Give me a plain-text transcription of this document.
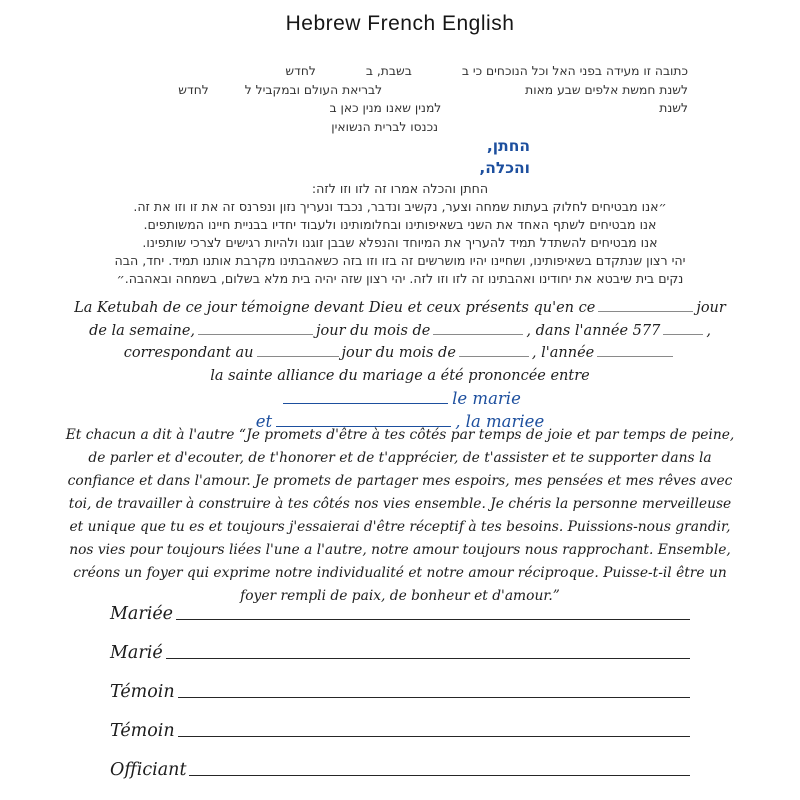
Hebrew French English
כתובה זו מעידה בפני האל וכל הנוכחים כי ב
בשבת, ב
לחדש
לשנת חמשת אלפים שבע מאות
לבריאת העולם ובמקביל ל
לחדש
לשנת
למנין שאנו מנין כאן ב
נכנסו לברית הנשואין
החתן,
והכלה,
החתן והכלה אמרו זה לזו וזו לזה:
״אנו מבטיחים לחלוק בעתות שמחה וצער, נקשיב ונדבר, נכבד ונעריך נזון ונפרנס זה את זו וזו את זה.
אנו מבטיחים לשתף האחד את השני בשאיפותינו ובחלומותינו ולעבוד יחדיו בבניית חיינו המשותפים.
אנו מבטיחים להשתדל תמיד להעריך את המיוחד והנפלא שבבן זוגנו ולהיות רגישים לצרכי שותפינו.
יהי רצון שנתקדם בשאיפותינו, ושחיינו יהיו מושרשים זה בזו וזו בזה כשאהבתינו מקרבת אותנו תמיד. יחד, הבה
נקים בית שיבטא את יחודינו ואהבתינו זה לזו וזו לזה. יהי רצון שזה יהיה בית מלא בשלום, בשמחה ובאהבה.״
La Ketubah de ce jour témoigne devant Dieu et ceux présents qu'en ce	jour
de la semaine,	jour du mois de	, dans l'année 577	,
correspondant au	jour du mois de	, l'année
la sainte alliance du mariage a été prononcée entre
le marie
et	, la mariee
Et chacun a dit à l'autre “Je promets d'être à tes côtés par temps de joie et par temps de peine,
de parler et d'ecouter, de t'honorer et de t'apprécier, de t'assister et te supporter dans la
confiance et dans l'amour. Je promets de partager mes espoirs, mes pensées et mes rêves avec
toi, de travailler à construire à tes côtés nos vies ensemble. Je chéris la personne merveilleuse
et unique que tu es et toujours j'essaierai d'être réceptif à tes besoins. Puissions-nous grandir,
nos vies pour toujours liées l'une a l'autre, notre amour toujours nous rapprochant. Ensemble,
créons un foyer qui exprime notre individualité et notre amour réciproque. Puisse-t-il être un
foyer rempli de paix, de bonheur et d'amour.”
Mariée
Marié
Témoin
Témoin
Officiant
